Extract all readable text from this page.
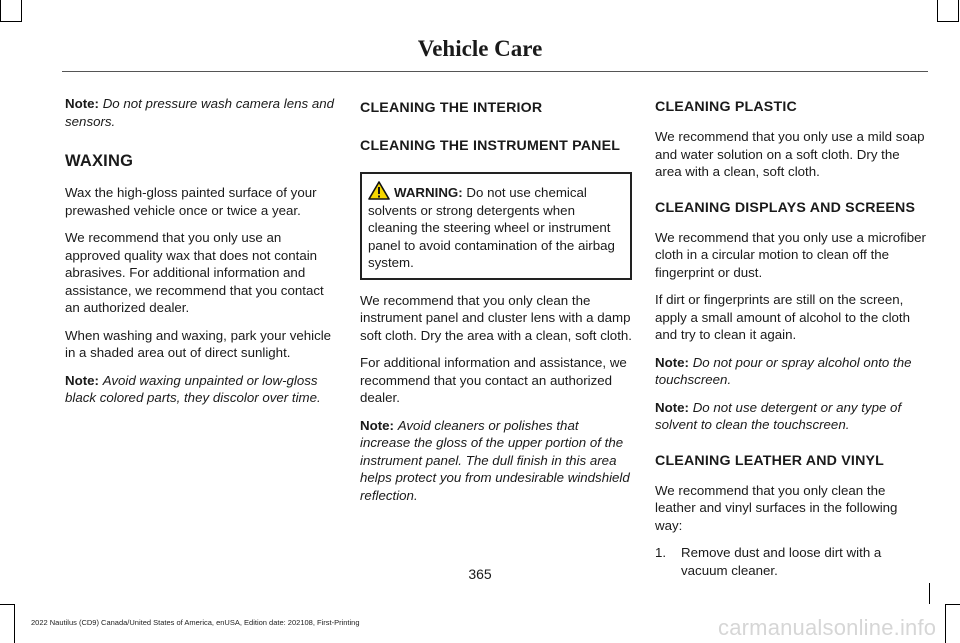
Vehicle Care

Note: Do not pressure wash camera lens and sensors.

WAXING

Wax the high-gloss painted surface of your prewashed vehicle once or twice a year.

We recommend that you only use an approved quality wax that does not contain abrasives. For additional information and assistance, we recommend that you contact an authorized dealer.

When washing and waxing, park your vehicle in a shaded area out of direct sunlight.

Note: Avoid waxing unpainted or low-gloss black colored parts, they discolor over time.

CLEANING THE INTERIOR
CLEANING THE INSTRUMENT PANEL
WARNING: Do not use chemical solvents or strong detergents when cleaning the steering wheel or instrument panel to avoid contamination of the airbag system.

We recommend that you only clean the instrument panel and cluster lens with a damp soft cloth. Dry the area with a clean, soft cloth.

For additional information and assistance, we recommend that you contact an authorized dealer.

Note: Avoid cleaners or polishes that increase the gloss of the upper portion of the instrument panel. The dull finish in this area helps protect you from undesirable windshield reflection.

CLEANING PLASTIC

We recommend that you only use a mild soap and water solution on a soft cloth. Dry the area with a clean, soft cloth.

CLEANING DISPLAYS AND SCREENS

We recommend that you only use a microfiber cloth in a circular motion to clean off the fingerprint or dust.

If dirt or fingerprints are still on the screen, apply a small amount of alcohol to the cloth and try to clean it again.

Note: Do not pour or spray alcohol onto the touchscreen.

Note: Do not use detergent or any type of solvent to clean the touchscreen.

CLEANING LEATHER AND VINYL

We recommend that you only clean the leather and vinyl surfaces in the following way:

1.	Remove dust and loose dirt with a vacuum cleaner.
365
2022 Nautilus (CD9) Canada/United States of America, enUSA, Edition date: 202108, First-Printing	carmanualsonline.info
